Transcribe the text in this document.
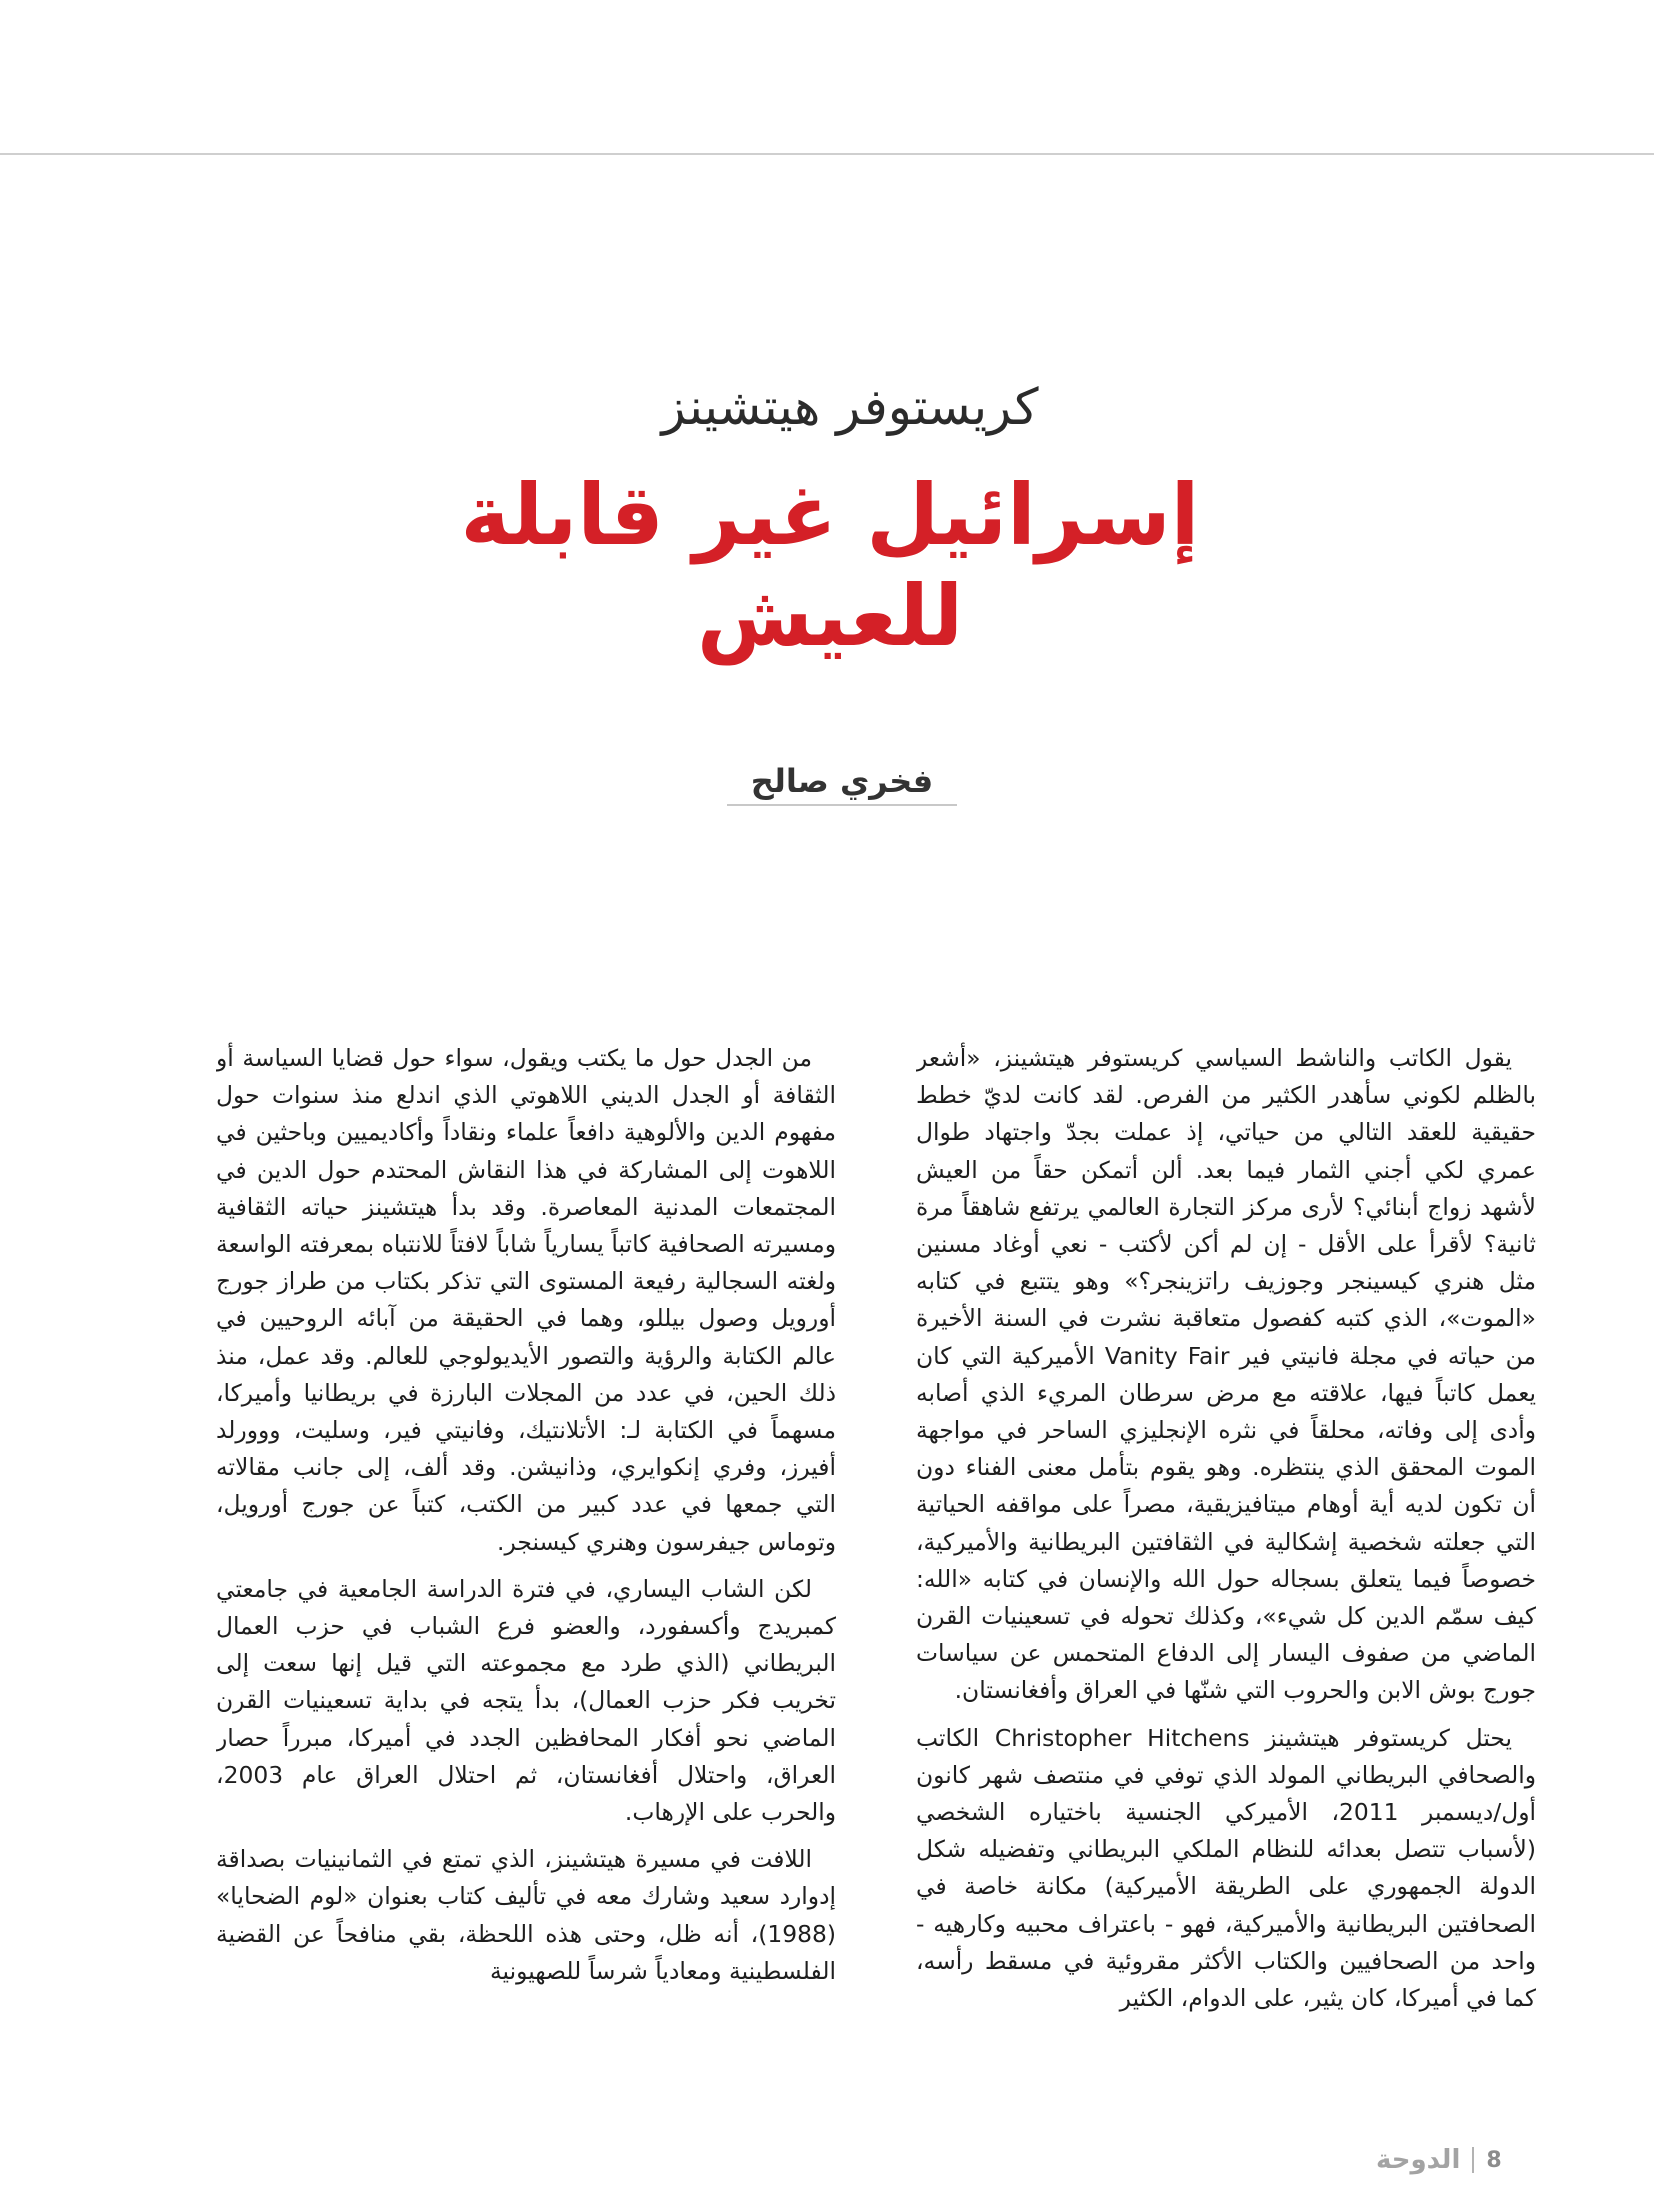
كريستوفر هيتشينز
إسرائيل غير قابلة للعيش
فخري صالح

يقول الكاتب والناشط السياسي كريستوفر هيتشينز، «أشعر بالظلم لكوني سأهدر الكثير من الفرص. لقد كانت لديّ خطط حقيقية للعقد التالي من حياتي، إذ عملت بجدّ واجتهاد طوال عمري لكي أجني الثمار فيما بعد. ألن أتمكن حقاً من العيش لأشهد زواج أبنائي؟ لأرى مركز التجارة العالمي يرتفع شاهقاً مرة ثانية؟ لأقرأ على الأقل - إن لم أكن لأكتب - نعي أوغاد مسنين مثل هنري كيسينجر وجوزيف راتزينجر؟» وهو يتتبع في كتابه «الموت»، الذي كتبه كفصول متعاقبة نشرت في السنة الأخيرة من حياته في مجلة فانيتي فير Vanity Fair الأميركية التي كان يعمل كاتباً فيها، علاقته مع مرض سرطان المريء الذي أصابه وأدى إلى وفاته، محلقاً في نثره الإنجليزي الساحر في مواجهة الموت المحقق الذي ينتظره. وهو يقوم بتأمل معنى الفناء دون أن تكون لديه أية أوهام ميتافيزيقية، مصراً على مواقفه الحياتية التي جعلته شخصية إشكالية في الثقافتين البريطانية والأميركية، خصوصاً فيما يتعلق بسجاله حول الله والإنسان في كتابه «الله: كيف سمّم الدين كل شيء»، وكذلك تحوله في تسعينيات القرن الماضي من صفوف اليسار إلى الدفاع المتحمس عن سياسات جورج بوش الابن والحروب التي شنّها في العراق وأفغانستان.

يحتل كريستوفر هيتشينز Christopher Hitchens الكاتب والصحافي البريطاني المولد الذي توفي في منتصف شهر كانون أول/ديسمبر 2011، الأميركي الجنسية باختياره الشخصي (لأسباب تتصل بعدائه للنظام الملكي البريطاني وتفضيله شكل الدولة الجمهوري على الطريقة الأميركية) مكانة خاصة في الصحافتين البريطانية والأميركية، فهو - باعتراف محبيه وكارهيه - واحد من الصحافيين والكتاب الأكثر مقروئية في مسقط رأسه، كما في أميركا، كان يثير، على الدوام، الكثير

من الجدل حول ما يكتب ويقول، سواء حول قضايا السياسة أو الثقافة أو الجدل الديني اللاهوتي الذي اندلع منذ سنوات حول مفهوم الدين والألوهية دافعاً علماء ونقاداً وأكاديميين وباحثين في اللاهوت إلى المشاركة في هذا النقاش المحتدم حول الدين في المجتمعات المدنية المعاصرة. وقد بدأ هيتشينز حياته الثقافية ومسيرته الصحافية كاتباً يسارياً شاباً لافتاً للانتباه بمعرفته الواسعة ولغته السجالية رفيعة المستوى التي تذكر بكتاب من طراز جورج أورويل وصول بيللو، وهما في الحقيقة من آبائه الروحيين في عالم الكتابة والرؤية والتصور الأيديولوجي للعالم. وقد عمل، منذ ذلك الحين، في عدد من المجلات البارزة في بريطانيا وأميركا، مسهماً في الكتابة لـ: الأتلانتيك، وفانيتي فير، وسليت، ووورلد أفيرز، وفري إنكوايري، وذانيشن. وقد ألف، إلى جانب مقالاته التي جمعها في عدد كبير من الكتب، كتباً عن جورج أورويل، وتوماس جيفرسون وهنري كيسنجر.

لكن الشاب اليساري، في فترة الدراسة الجامعية في جامعتي كمبريدج وأكسفورد، والعضو فرع الشباب في حزب العمال البريطاني (الذي طرد مع مجموعته التي قيل إنها سعت إلى تخريب فكر حزب العمال)، بدأ يتجه في بداية تسعينيات القرن الماضي نحو أفكار المحافظين الجدد في أميركا، مبرراً حصار العراق، واحتلال أفغانستان، ثم احتلال العراق عام 2003، والحرب على الإرهاب.

اللافت في مسيرة هيتشينز، الذي تمتع في الثمانينيات بصداقة إدوارد سعيد وشارك معه في تأليف كتاب بعنوان «لوم الضحايا» (1988)، أنه ظل، وحتى هذه اللحظة، بقي منافحاً عن القضية الفلسطينية ومعادياً شرساً للصهيونية

الدوحة 8
